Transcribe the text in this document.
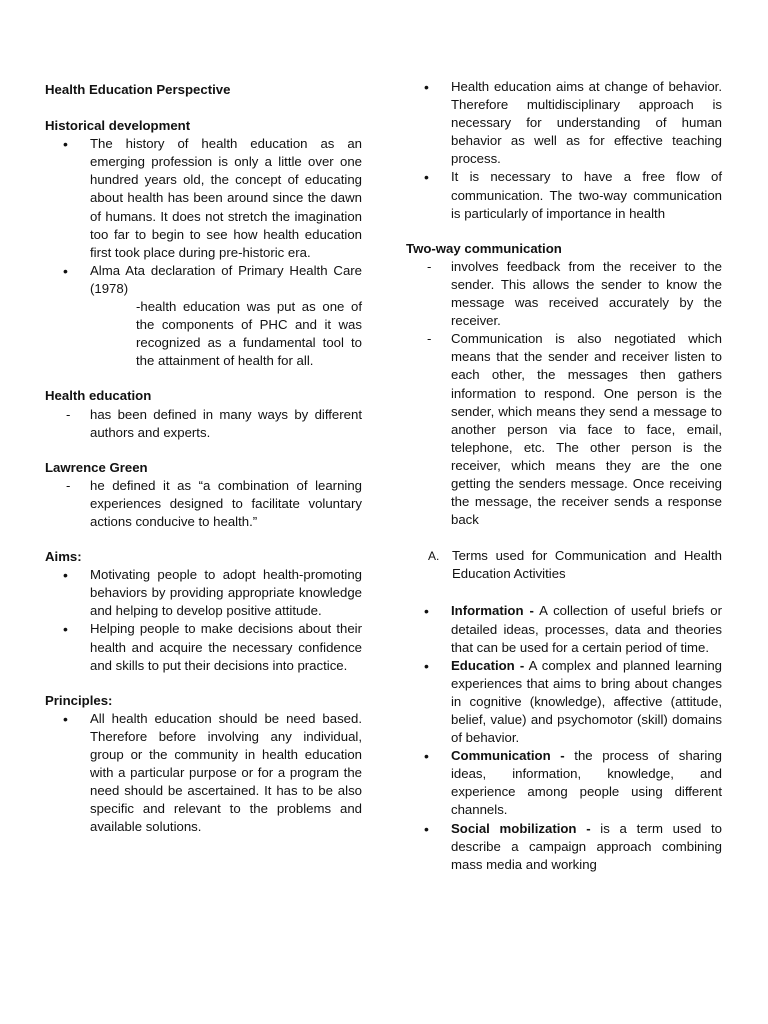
Health Education Perspective

Historical development

• The history of health education as an emerging profession is only a little over one hundred years old, the concept of educating about health has been around since the dawn of humans. It does not stretch the imagination too far to begin to see how health education first took place during pre-historic era.
• Alma Ata declaration of Primary Health Care (1978)
-health education was put as one of the components of PHC and it was recognized as a fundamental tool to the attainment of health for all.

Health education

- has been defined in many ways by different authors and experts.

Lawrence Green

- he defined it as “a combination of learning experiences designed to facilitate voluntary actions conducive to health.”

Aims:

• Motivating people to adopt health-promoting behaviors by providing appropriate knowledge and helping to develop positive attitude.
• Helping people to make decisions about their health and acquire the necessary confidence and skills to put their decisions into practice.

Principles:

• All health education should be need based. Therefore before involving any individual, group or the community in health education with a particular purpose or for a program the need should be ascertained. It has to be also specific and relevant to the problems and available solutions.
• Health education aims at change of behavior. Therefore multidisciplinary approach is necessary for understanding of human behavior as well as for effective teaching process.
• It is necessary to have a free flow of communication. The two-way communication is particularly of importance in health

Two-way communication

- involves feedback from the receiver to the sender. This allows the sender to know the message was received accurately by the receiver.
- Communication is also negotiated which means that the sender and receiver listen to each other, the messages then gathers information to respond. One person is the sender, which means they send a message to another person via face to face, email, telephone, etc. The other person is the receiver, which means they are the one getting the senders message. Once receiving the message, the receiver sends a response back
A. Terms used for Communication and Health Education Activities
• Information - A collection of useful briefs or detailed ideas, processes, data and theories that can be used for a certain period of time.
• Education - A complex and planned learning experiences that aims to bring about changes in cognitive (knowledge), affective (attitude, belief, value) and psychomotor (skill) domains of behavior.
• Communication - the process of sharing ideas, information, knowledge, and experience among people using different channels.
• Social mobilization - is a term used to describe a campaign approach combining mass media and working
